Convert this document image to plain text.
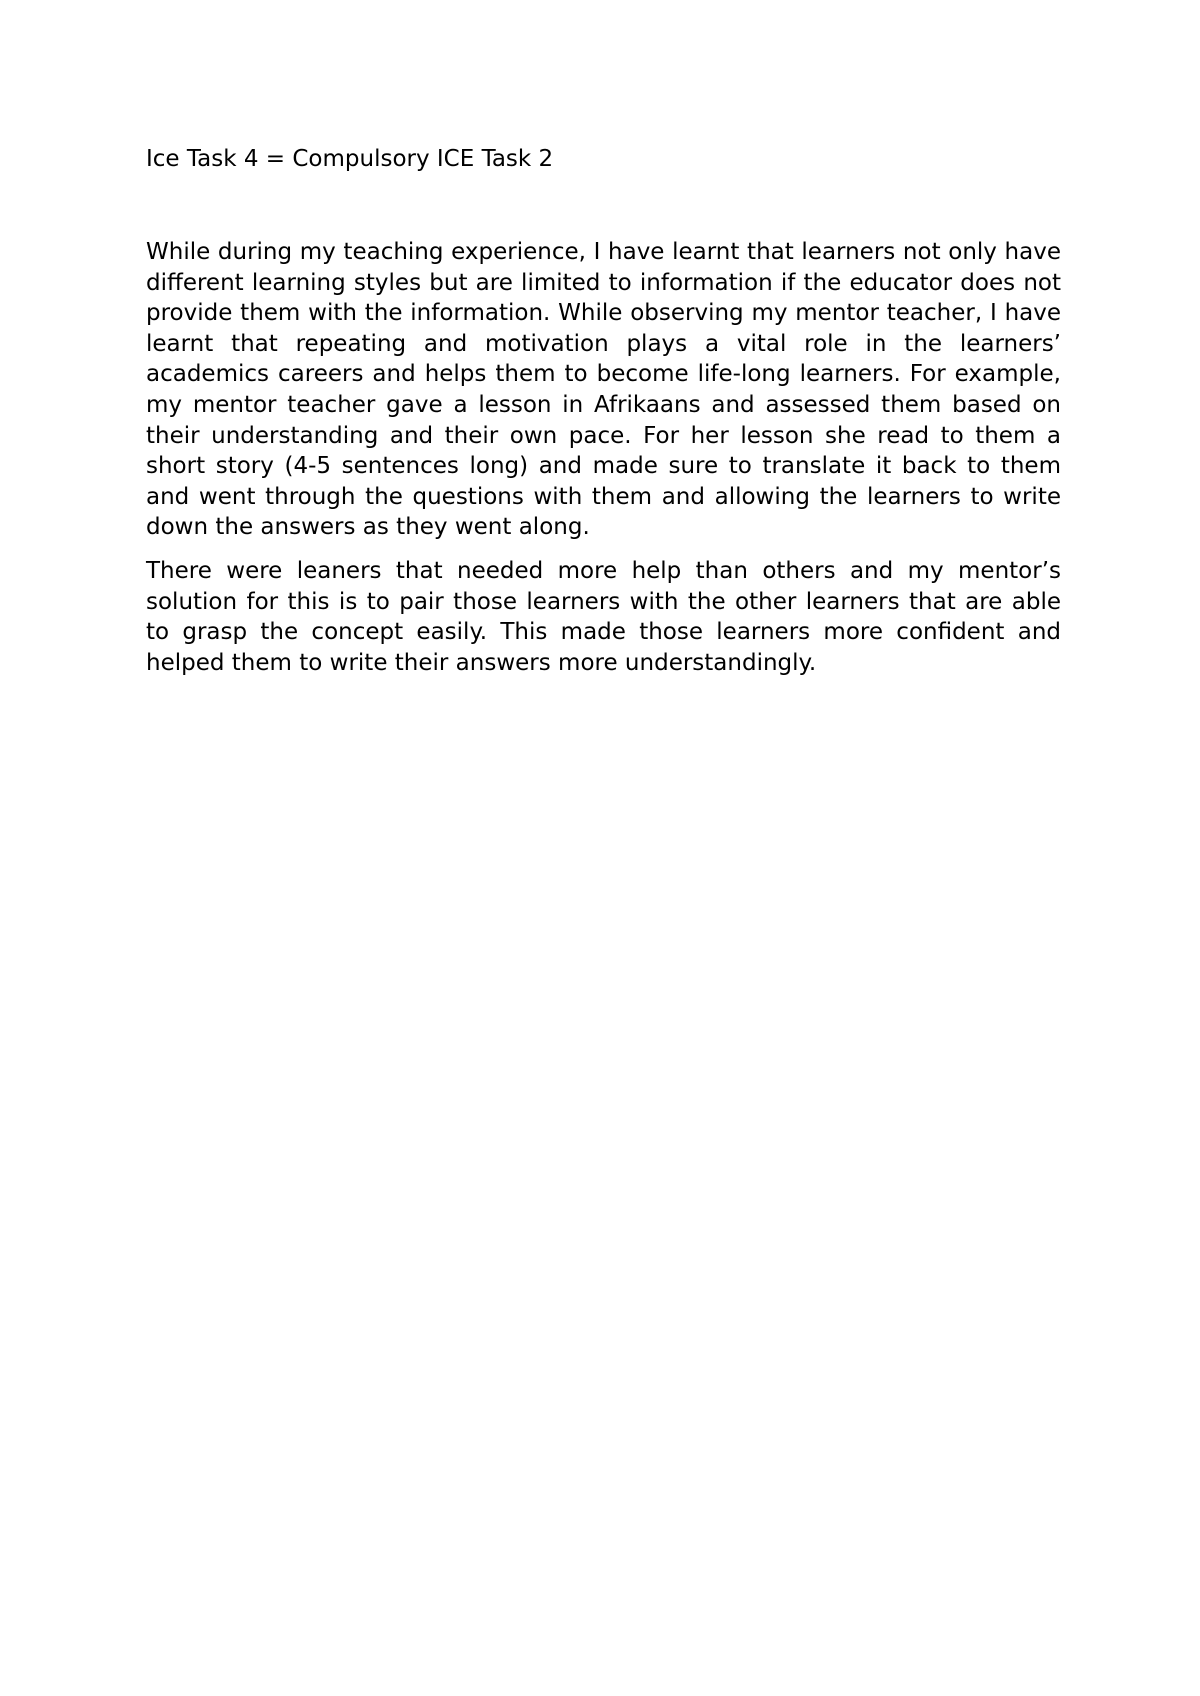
Ice Task 4 = Compulsory ICE Task 2

While during my teaching experience, I have learnt that learners not only have different learning styles but are limited to information if the educator does not provide them with the information. While observing my mentor teacher, I have learnt that repeating and motivation plays a vital role in the learners’ academics careers and helps them to become life-long learners. For example, my mentor teacher gave a lesson in Afrikaans and assessed them based on their understanding and their own pace. For her lesson she read to them a short story (4-5 sentences long) and made sure to translate it back to them and went through the questions with them and allowing the learners to write down the answers as they went along.

There were leaners that needed more help than others and my mentor’s solution for this is to pair those learners with the other learners that are able to grasp the concept easily. This made those learners more confident and helped them to write their answers more understandingly.
